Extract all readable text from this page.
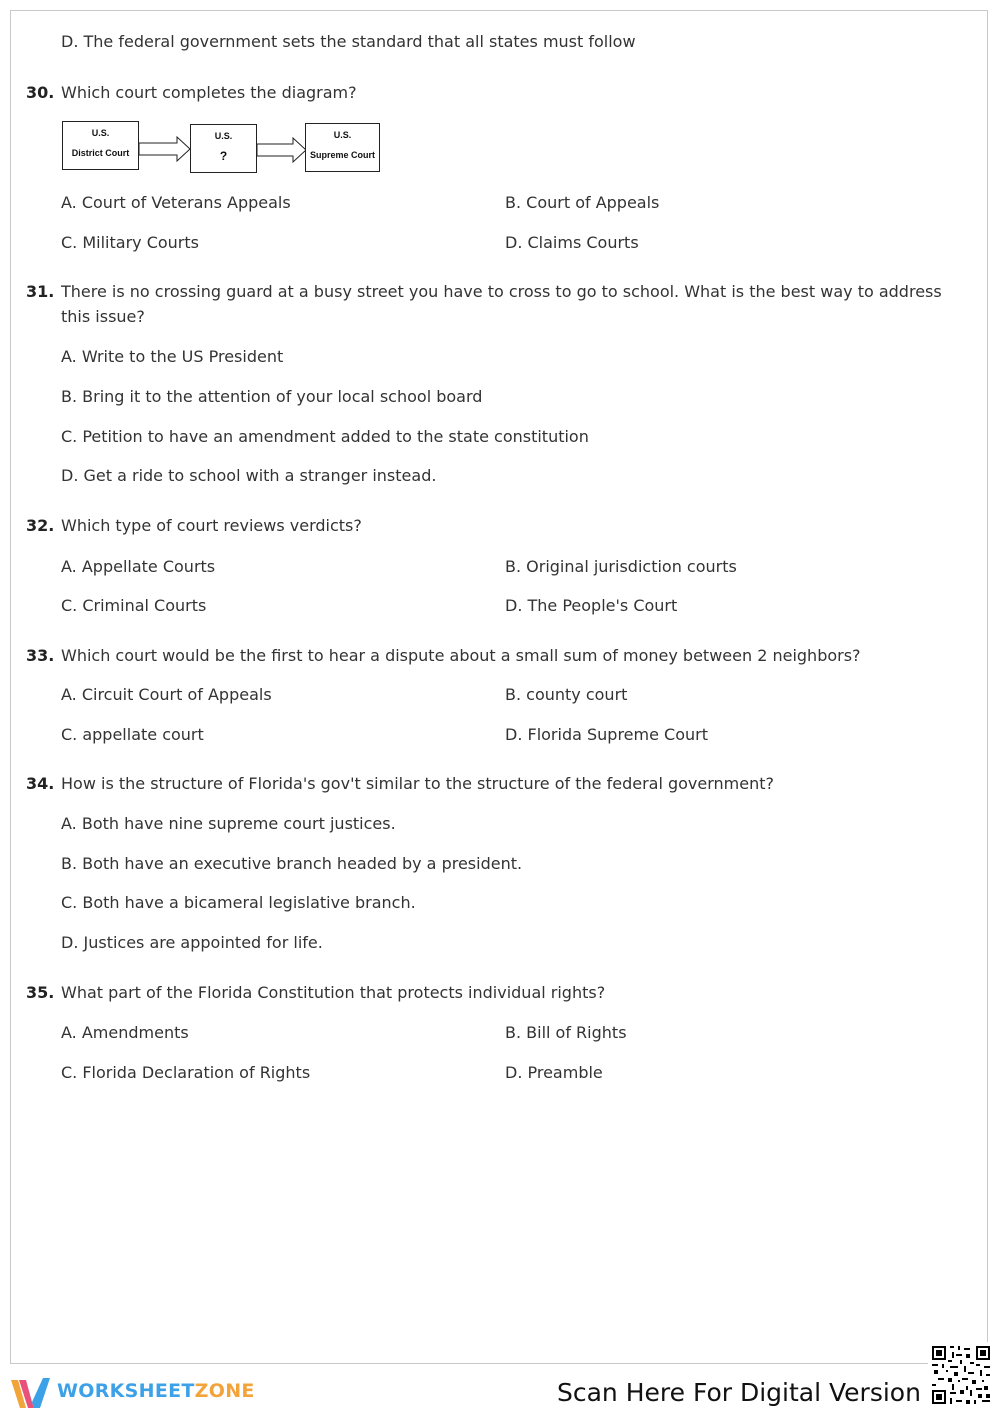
D. The federal government sets the standard that all states must follow
30. Which court completes the diagram?
U.S.
District Court
U.S.
?
U.S.
Supreme Court
A. Court of Veterans Appeals	B. Court of Appeals
C. Military Courts	D. Claims Courts
31. There is no crossing guard at a busy street you have to cross to go to school. What is the best way to address this issue?
A. Write to the US President
B. Bring it to the attention of your local school board
C. Petition to have an amendment added to the state constitution
D. Get a ride to school with a stranger instead.
32. Which type of court reviews verdicts?
A. Appellate Courts	B. Original jurisdiction courts
C. Criminal Courts	D. The People's Court
33. Which court would be the first to hear a dispute about a small sum of money between 2 neighbors?
A. Circuit Court of Appeals	B. county court
C. appellate court	D. Florida Supreme Court
34. How is the structure of Florida's gov't similar to the structure of the federal government?
A. Both have nine supreme court justices.
B. Both have an executive branch headed by a president.
C. Both have a bicameral legislative branch.
D. Justices are appointed for life.
35. What part of the Florida Constitution that protects individual rights?
A. Amendments	B. Bill of Rights
C. Florida Declaration of Rights	D. Preamble
WORKSHEETZONE	Scan Here For Digital Version
